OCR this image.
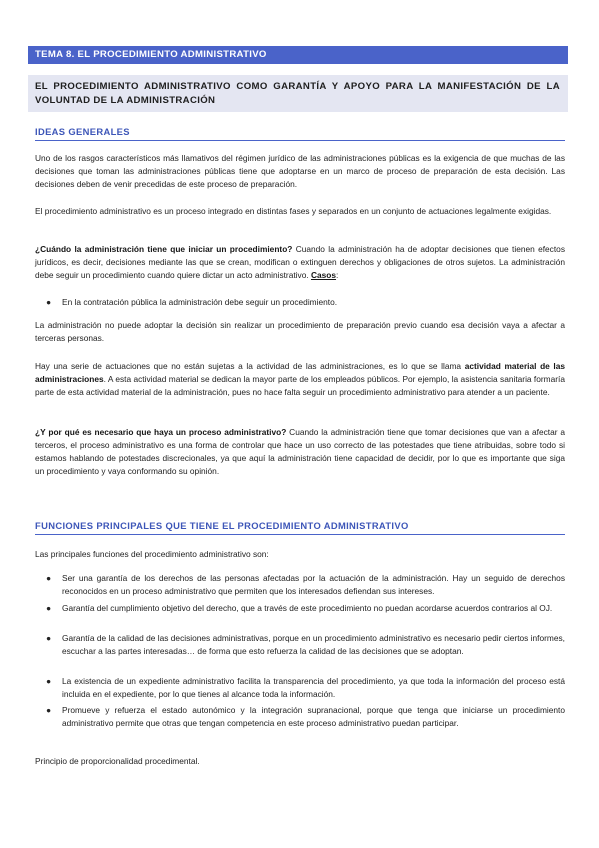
TEMA 8. EL PROCEDIMIENTO ADMINISTRATIVO
EL PROCEDIMIENTO ADMINISTRATIVO COMO GARANTÍA Y APOYO PARA LA MANIFESTACIÓN DE LA VOLUNTAD DE LA ADMINISTRACIÓN
IDEAS GENERALES
Uno de los rasgos característicos más llamativos del régimen jurídico de las administraciones públicas es la exigencia de que muchas de las decisiones que toman las administraciones públicas tiene que adoptarse en un marco de proceso de preparación de esta decisión. Las decisiones deben de venir precedidas de este proceso de preparación.
El procedimiento administrativo es un proceso integrado en distintas fases y separados en un conjunto de actuaciones legalmente exigidas.
¿Cuándo la administración tiene que iniciar un procedimiento? Cuando la administración ha de adoptar decisiones que tienen efectos jurídicos, es decir, decisiones mediante las que se crean, modifican o extinguen derechos y obligaciones de otros sujetos. La administración debe seguir un procedimiento cuando quiere dictar un acto administrativo. Casos:
● En la contratación pública la administración debe seguir un procedimiento.
La administración no puede adoptar la decisión sin realizar un procedimiento de preparación previo cuando esa decisión vaya a afectar a terceras personas.
Hay una serie de actuaciones que no están sujetas a la actividad de las administraciones, es lo que se llama actividad material de las administraciones. A esta actividad material se dedican la mayor parte de los empleados públicos. Por ejemplo, la asistencia sanitaria formaría parte de esta actividad material de la administración, pues no hace falta seguir un procedimiento administrativo para atender a un paciente.
¿Y por qué es necesario que haya un proceso administrativo? Cuando la administración tiene que tomar decisiones que van a afectar a terceros, el proceso administrativo es una forma de controlar que hace un uso correcto de las potestades que tiene atribuidas, sobre todo si estamos hablando de potestades discrecionales, ya que aquí la administración tiene capacidad de decidir, por lo que es importante que siga un procedimiento y vaya conformando su opinión.
FUNCIONES PRINCIPALES QUE TIENE EL PROCEDIMIENTO ADMINISTRATIVO
Las principales funciones del procedimiento administrativo son:
● Ser una garantía de los derechos de las personas afectadas por la actuación de la administración. Hay un seguido de derechos reconocidos en un proceso administrativo que permiten que los interesados defiendan sus intereses.
● Garantía del cumplimiento objetivo del derecho, que a través de este procedimiento no puedan acordarse acuerdos contrarios al OJ.
● Garantía de la calidad de las decisiones administrativas, porque en un procedimiento administrativo es necesario pedir ciertos informes, escuchar a las partes interesadas… de forma que esto refuerza la calidad de las decisiones que se adoptan.
● La existencia de un expediente administrativo facilita la transparencia del procedimiento, ya que toda la información del proceso está incluida en el expediente, por lo que tienes al alcance toda la información.
● Promueve y refuerza el estado autonómico y la integración supranacional, porque que tenga que iniciarse un procedimiento administrativo permite que otras que tengan competencia en este proceso administrativo puedan participar.
Principio de proporcionalidad procedimental.
